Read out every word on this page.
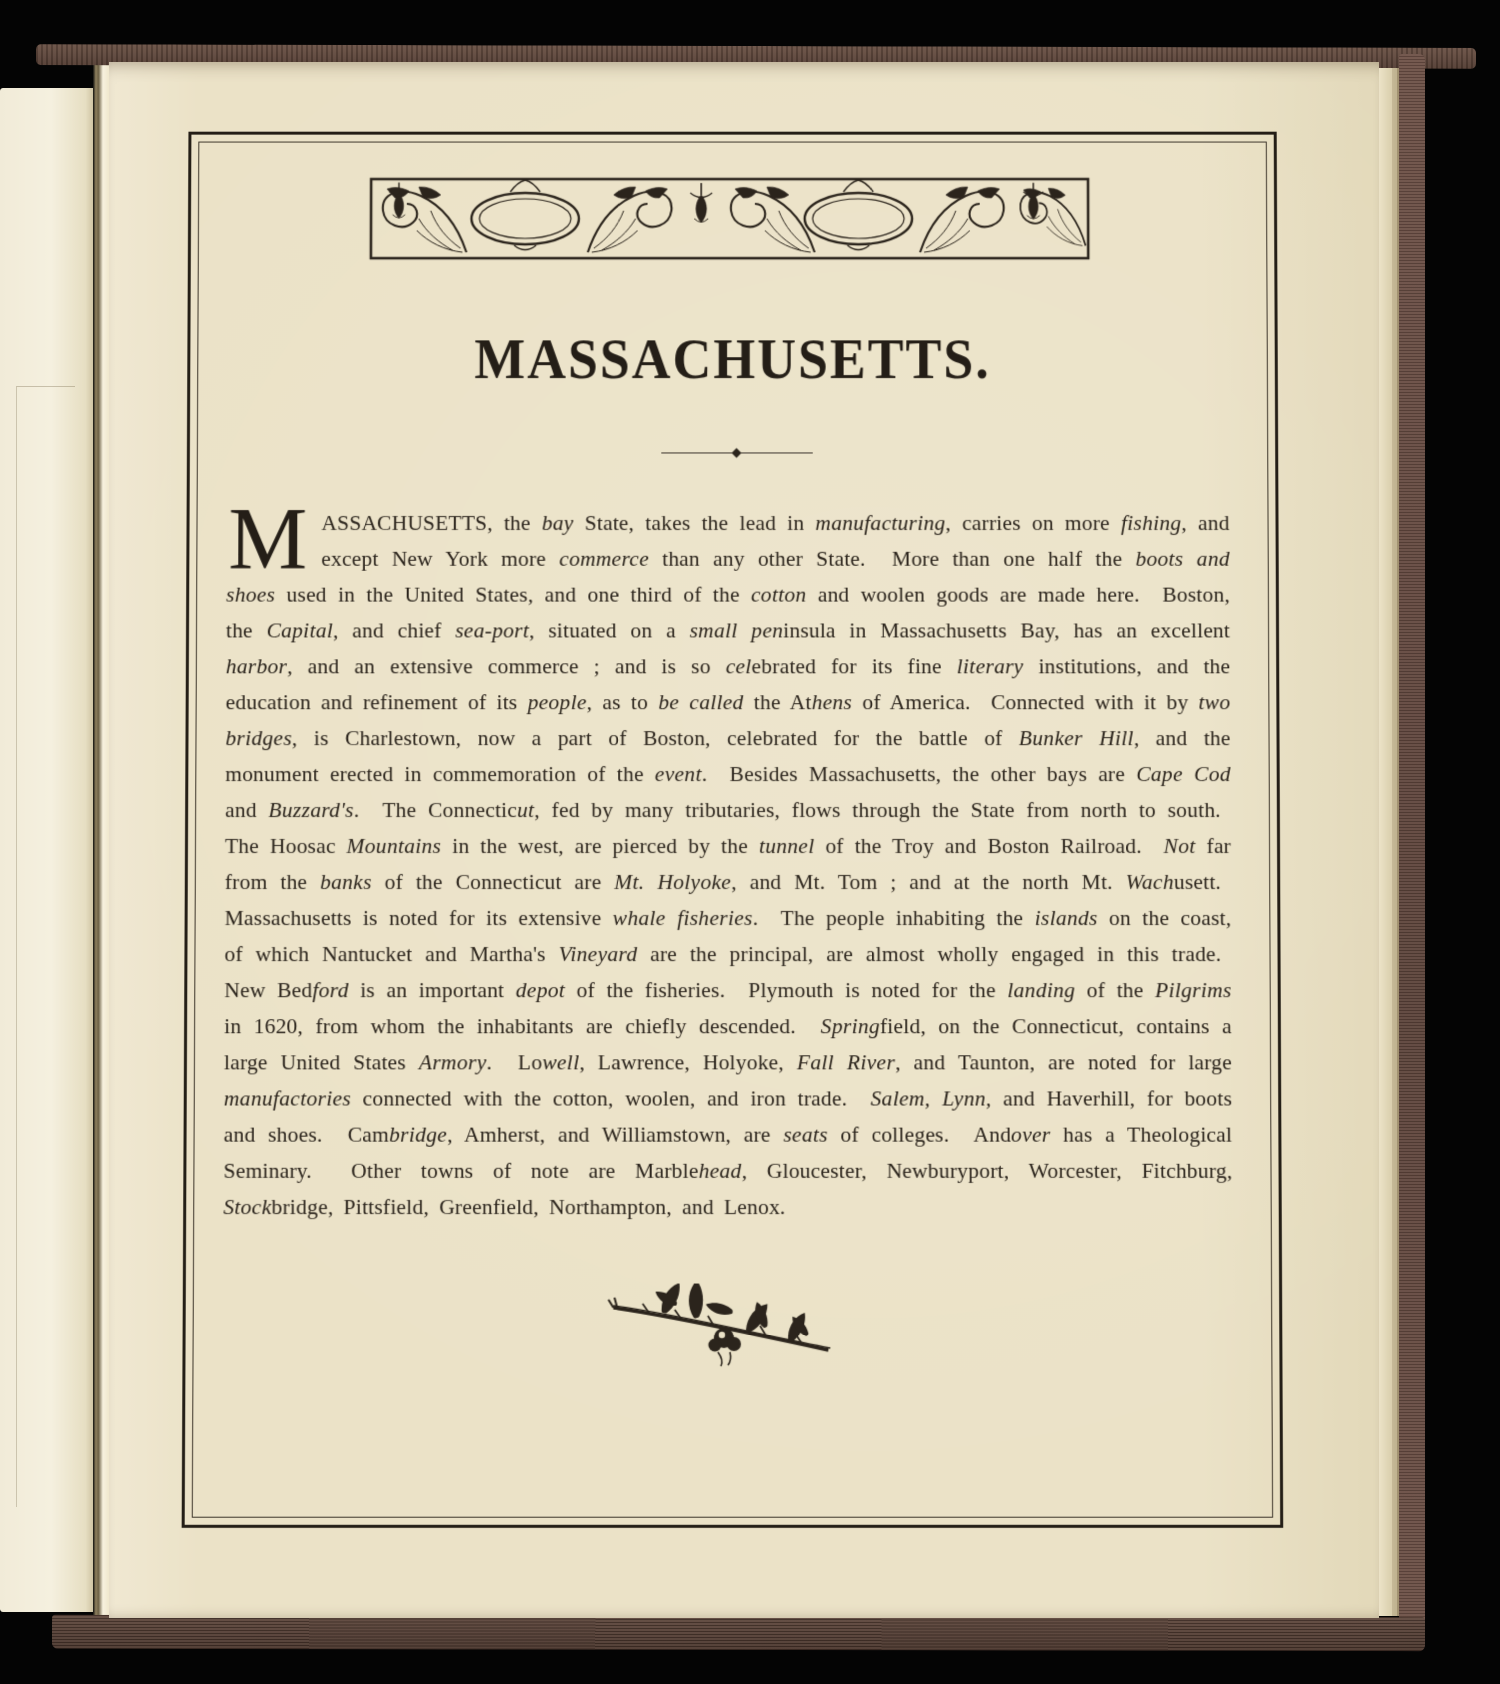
MASSACHUSETTS.

MASSACHUSETTS, the bay State, takes the lead in manufacturing, carries on more fishing, and except New York more commerce than any other State.  More than one half the boots and shoes used in the United States, and one third of the cotton and woolen goods are made here.  Boston, the Capital, and chief sea-port, situated on a small peninsula in Massachusetts Bay, has an excellent harbor, and an extensive commerce ; and is so celebrated for its fine literary institutions, and the education and refinement of its people, as to be called the Athens of America.  Connected with it by two bridges, is Charlestown, now a part of Boston, celebrated for the battle of Bunker Hill, and the monument erected in commemoration of the event.  Besides Massachusetts, the other bays are Cape Cod and Buzzard's.  The Connecticut, fed by many tributaries, flows through the State from north to south.  The Hoosac Mountains in the west, are pierced by the tunnel of the Troy and Boston Railroad.  Not far from the banks of the Connecticut are Mt. Holyoke, and Mt. Tom ; and at the north Mt. Wachusett.  Massachusetts is noted for its extensive whale fisheries.  The people inhabiting the islands on the coast, of which Nantucket and Martha's Vineyard are the principal, are almost wholly engaged in this trade.  New Bedford is an important depot of the fisheries.  Plymouth is noted for the landing of the Pilgrims in 1620, from whom the inhabitants are chiefly descended.  Springfield, on the Connecticut, contains a large United States Armory.  Lowell, Lawrence, Holyoke, Fall River, and Taunton, are noted for large manufactories connected with the cotton, woolen, and iron trade.  Salem, Lynn, and Haverhill, for boots and shoes.  Cambridge, Amherst, and Williamstown, are seats of colleges.  Andover has a Theological Seminary.  Other towns of note are Marblehead, Gloucester, Newburyport, Worcester, Fitchburg, Stockbridge, Pittsfield, Greenfield, Northampton, and Lenox.
